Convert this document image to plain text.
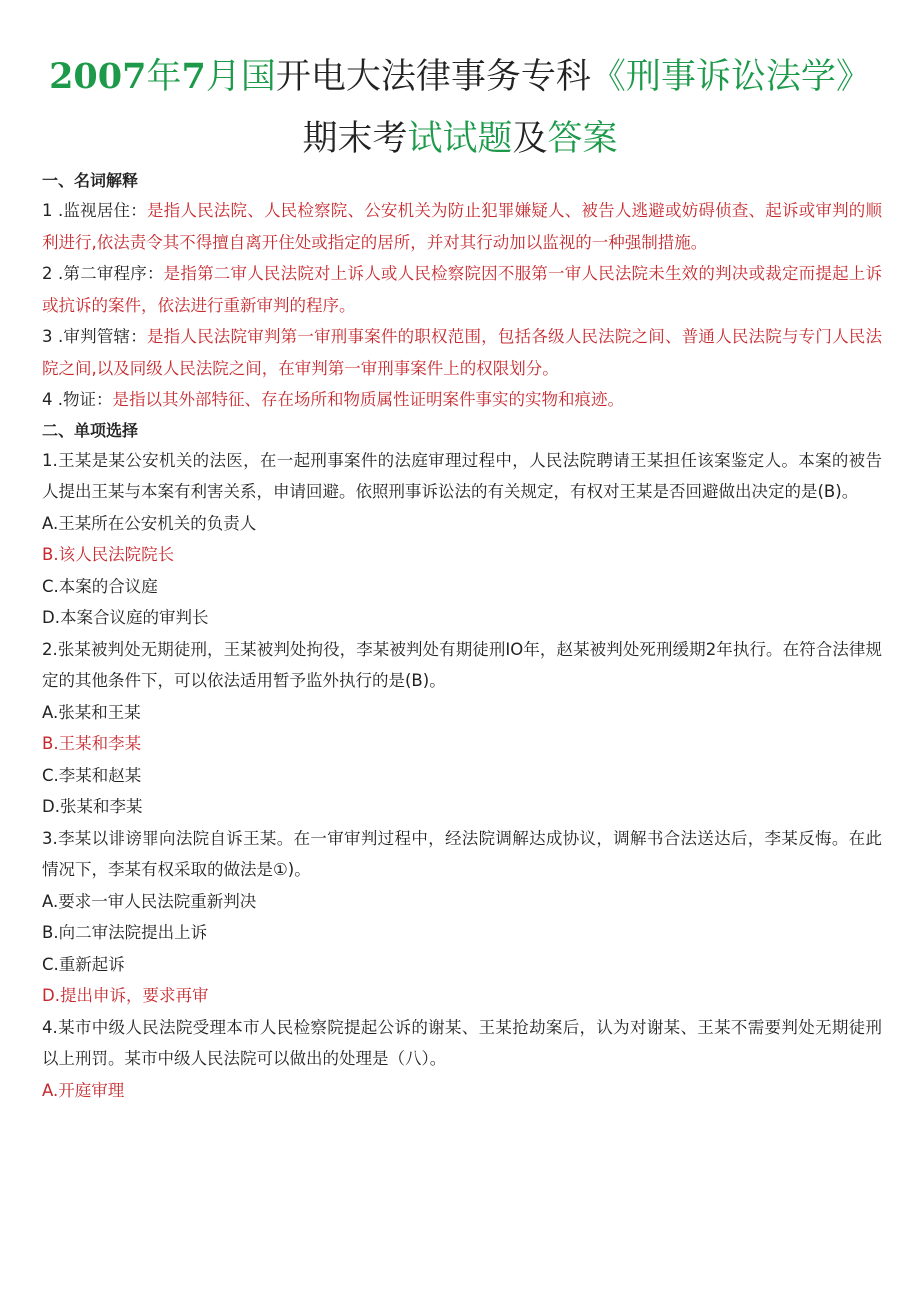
2007年7月国开电大法律事务专科《刑事诉讼法学》
期末考试试题及答案

一、名词解释

1 .监视居住：是指人民法院、人民检察院、公安机关为防止犯罪嫌疑人、被告人逃避或妨碍侦查、起诉或审判的顺利进行,依法责令其不得擅自离开住处或指定的居所，并对其行动加以监视的一种强制措施。

2 .第二审程序：是指第二审人民法院对上诉人或人民检察院因不服第一审人民法院未生效的判决或裁定而提起上诉或抗诉的案件，依法进行重新审判的程序。

3 .审判管辖：是指人民法院审判第一审刑事案件的职权范围，包括各级人民法院之间、普通人民法院与专门人民法院之间,以及同级人民法院之间，在审判第一审刑事案件上的权限划分。

4 .物证：是指以其外部特征、存在场所和物质属性证明案件事实的实物和痕迹。

二、单项选择

1.王某是某公安机关的法医，在一起刑事案件的法庭审理过程中，人民法院聘请王某担任该案鉴定人。本案的被告人提出王某与本案有利害关系，申请回避。依照刑事诉讼法的有关规定，有权对王某是否回避做出决定的是(B)。

A.王某所在公安机关的负责人

B.该人民法院院长

C.本案的合议庭

D.本案合议庭的审判长

2.张某被判处无期徒刑，王某被判处拘役，李某被判处有期徒刑IO年，赵某被判处死刑缓期2年执行。在符合法律规定的其他条件下，可以依法适用暂予监外执行的是(B)。

A.张某和王某

B.王某和李某

C.李某和赵某

D.张某和李某

3.李某以诽谤罪向法院自诉王某。在一审审判过程中，经法院调解达成协议，调解书合法送达后，李某反悔。在此情况下，李某有权采取的做法是①)。

A.要求一审人民法院重新判决

B.向二审法院提出上诉

C.重新起诉

D.提出申诉，要求再审

4.某市中级人民法院受理本市人民检察院提起公诉的谢某、王某抢劫案后，认为对谢某、王某不需要判处无期徒刑以上刑罚。某市中级人民法院可以做出的处理是（八）。

A.开庭审理
